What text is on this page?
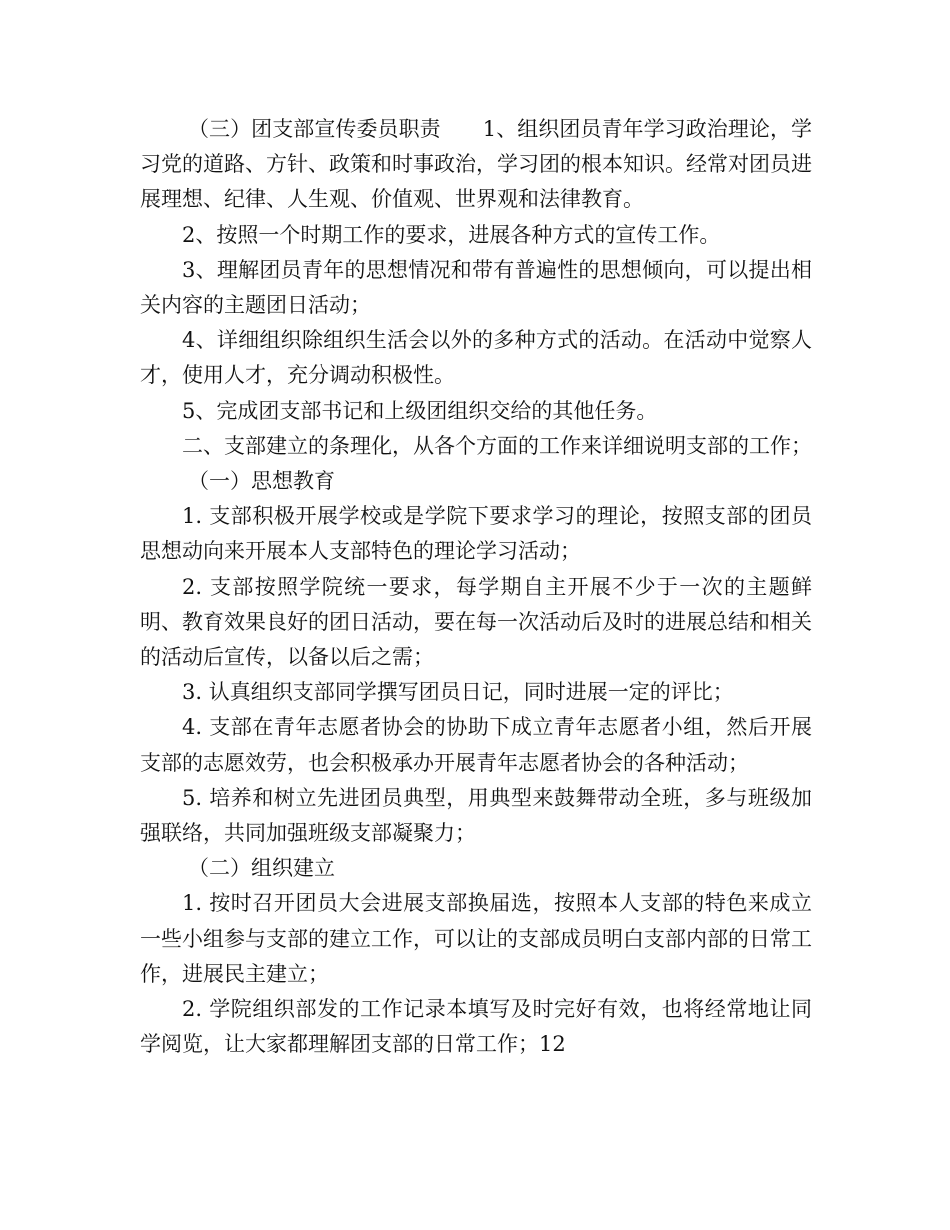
（三）团支部宣传委员职责　　1、组织团员青年学习政治理论，学习党的道路、方针、政策和时事政治，学习团的根本知识。经常对团员进展理想、纪律、人生观、价值观、世界观和法律教育。

2、按照一个时期工作的要求，进展各种方式的宣传工作。

3、理解团员青年的思想情况和带有普遍性的思想倾向，可以提出相关内容的主题团日活动；

4、详细组织除组织生活会以外的多种方式的活动。在活动中觉察人才，使用人才，充分调动积极性。

5、完成团支部书记和上级团组织交给的其他任务。

二、支部建立的条理化，从各个方面的工作来详细说明支部的工作；

（一）思想教育

1. 支部积极开展学校或是学院下要求学习的理论，按照支部的团员思想动向来开展本人支部特色的理论学习活动；

2. 支部按照学院统一要求，每学期自主开展不少于一次的主题鲜明、教育效果良好的团日活动，要在每一次活动后及时的进展总结和相关的活动后宣传，以备以后之需；

3. 认真组织支部同学撰写团员日记，同时进展一定的评比；

4. 支部在青年志愿者协会的协助下成立青年志愿者小组，然后开展支部的志愿效劳，也会积极承办开展青年志愿者协会的各种活动；

5. 培养和树立先进团员典型，用典型来鼓舞带动全班，多与班级加强联络，共同加强班级支部凝聚力；

（二）组织建立

1. 按时召开团员大会进展支部换届选，按照本人支部的特色来成立一些小组参与支部的建立工作，可以让的支部成员明白支部内部的日常工作，进展民主建立；

2. 学院组织部发的工作记录本填写及时完好有效，也将经常地让同学阅览，让大家都理解团支部的日常工作；12
